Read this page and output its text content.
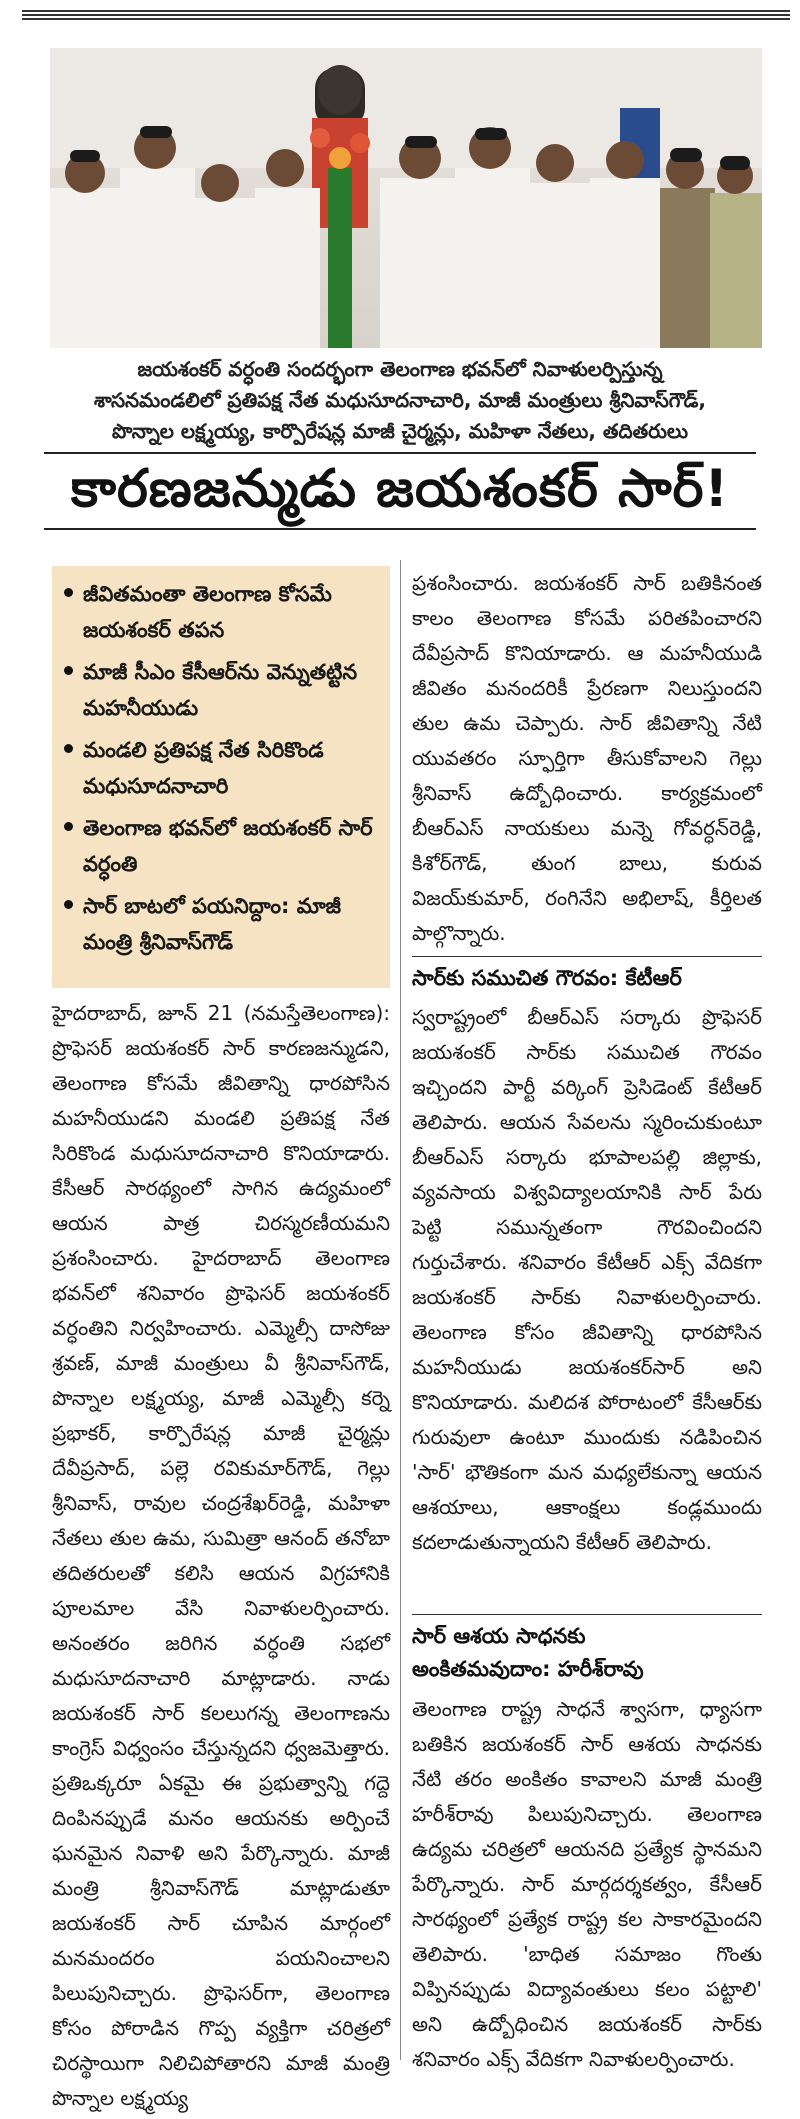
జయశంకర్ వర్ధంతి సందర్భంగా తెలంగాణ భవన్‌లో నివాళులర్పిస్తున్న
శాసనమండలిలో ప్రతిపక్ష నేత మధుసూదనాచారి, మాజీ మంత్రులు శ్రీనివాస్‌గౌడ్,
పొన్నాల లక్ష్మయ్య, కార్పొరేషన్ల మాజీ చైర్మన్లు, మహిళా నేతలు, తదితరులు
కారణజన్ముడు జయశంకర్ సార్!
జీవితమంతా తెలంగాణ కోసమే జయశంకర్ తపన
మాజీ సీఎం కేసీఆర్‌ను వెన్నుతట్టిన మహనీయుడు
మండలి ప్రతిపక్ష నేత సిరికొండ మధుసూదనాచారి
తెలంగాణ భవన్‌లో జయశంకర్ సార్ వర్ధంతి
సార్ బాటలో పయనిద్దాం: మాజీ మంత్రి శ్రీనివాస్‌గౌడ్

హైదరాబాద్, జూన్ 21 (నమస్తేతెలంగాణ): ప్రొఫెసర్ జయశంకర్ సార్ కారణజన్ముడని, తెలంగాణ కోసమే జీవితాన్ని ధారపోసిన మహనీయుడని మండలి ప్రతిపక్ష నేత సిరికొండ మధుసూదనాచారి కొనియాడారు. కేసీఆర్ సారథ్యంలో సాగిన ఉద్యమంలో ఆయన పాత్ర చిరస్మరణీయమని ప్రశంసించారు. హైదరాబాద్ తెలంగాణ భవన్‌లో శనివారం ప్రొఫెసర్ జయశంకర్ వర్ధంతిని నిర్వహించారు. ఎమ్మెల్సీ దాసోజు శ్రవణ్, మాజీ మంత్రులు వీ శ్రీనివాస్‌గౌడ్, పొన్నాల లక్ష్మయ్య, మాజీ ఎమ్మెల్సీ కర్నె ప్రభాకర్, కార్పొరేషన్ల మాజీ చైర్మన్లు దేవీప్రసాద్, పల్లె రవికుమార్‌గౌడ్, గెల్లు శ్రీనివాస్, రావుల చంద్రశేఖర్‌రెడ్డి, మహిళా నేతలు తుల ఉమ, సుమిత్రా ఆనంద్ తనోబా తదితరులతో కలిసి ఆయన విగ్రహానికి పూలమాల వేసి నివాళులర్పించారు. అనంతరం జరిగిన వర్ధంతి సభలో మధుసూదనాచారి మాట్లాడారు. నాడు జయశంకర్ సార్ కలలుగన్న తెలంగాణను కాంగ్రెస్ విధ్వంసం చేస్తున్నదని ధ్వజమెత్తారు. ప్రతిఒక్కరూ ఏకమై ఈ ప్రభుత్వాన్ని గద్దె దింపినప్పుడే మనం ఆయనకు అర్పించే ఘనమైన నివాళి అని పేర్కొన్నారు. మాజీ మంత్రి శ్రీనివాస్‌గౌడ్ మాట్లాడుతూ జయశంకర్ సార్ చూపిన మార్గంలో మనమందరం పయనించాలని పిలుపునిచ్చారు. ప్రొఫెసర్‌గా, తెలంగాణ కోసం పోరాడిన గొప్ప వ్యక్తిగా చరిత్రలో చిరస్థాయిగా నిలిచిపోతారని మాజీ మంత్రి పొన్నాల లక్ష్మయ్య

ప్రశంసించారు. జయశంకర్ సార్ బతికినంత కాలం తెలంగాణ కోసమే పరితపించారని దేవీప్రసాద్ కొనియాడారు. ఆ మహనీయుడి జీవితం మనందరికీ ప్రేరణగా నిలుస్తుందని తుల ఉమ చెప్పారు. సార్ జీవితాన్ని నేటి యువతరం స్ఫూర్తిగా తీసుకోవాలని గెల్లు శ్రీనివాస్ ఉద్బోధించారు. కార్యక్రమంలో బీఆర్‌ఎస్ నాయకులు మన్నె గోవర్ధన్‌రెడ్డి, కిశోర్‌గౌడ్, తుంగ బాలు, కురువ విజయ్‌కుమార్, రంగినేని అభిలాష్, కీర్తిలత పాల్గొన్నారు.

సార్‌కు సముచిత గౌరవం: కేటీఆర్

స్వరాష్ట్రంలో బీఆర్‌ఎస్ సర్కారు ప్రొఫెసర్ జయశంకర్ సార్‌కు సముచిత గౌరవం ఇచ్చిందని పార్టీ వర్కింగ్ ప్రెసిడెంట్ కేటీఆర్ తెలిపారు. ఆయన సేవలను స్మరించుకుంటూ బీఆర్‌ఎస్ సర్కారు భూపాలపల్లి జిల్లాకు, వ్యవసాయ విశ్వవిద్యాలయానికి సార్ పేరు పెట్టి సమున్నతంగా గౌరవించిందని గుర్తుచేశారు. శనివారం కేటీఆర్ ఎక్స్ వేదికగా జయశంకర్ సార్‌కు నివాళులర్పించారు. తెలంగాణ కోసం జీవితాన్ని ధారపోసిన మహనీయుడు జయశంకర్‌సార్ అని కొనియాడారు. మలిదశ పోరాటంలో కేసీఆర్‌కు గురువులా ఉంటూ ముందుకు నడిపించిన 'సార్' భౌతికంగా మన మధ్యలేకున్నా ఆయన ఆశయాలు, ఆకాంక్షలు కండ్లముందు కదలాడుతున్నాయని కేటీఆర్ తెలిపారు.

సార్ ఆశయ సాధనకు
అంకితమవుదాం: హరీశ్‌రావు

తెలంగాణ రాష్ట్ర సాధనే శ్వాసగా, ధ్యాసగా బతికిన జయశంకర్ సార్ ఆశయ సాధనకు నేటి తరం అంకితం కావాలని మాజీ మంత్రి హరీశ్‌రావు పిలుపునిచ్చారు. తెలంగాణ ఉద్యమ చరిత్రలో ఆయనది ప్రత్యేక స్థానమని పేర్కొన్నారు. సార్ మార్గదర్శకత్వం, కేసీఆర్ సారథ్యంలో ప్రత్యేక రాష్ట్ర కల సాకారమైందని తెలిపారు. 'బాధిత సమాజం గొంతు విప్పినప్పుడు విద్యావంతులు కలం పట్టాలి' అని ఉద్బోధించిన జయశంకర్ సార్‌కు శనివారం ఎక్స్ వేదికగా నివాళులర్పించారు.
